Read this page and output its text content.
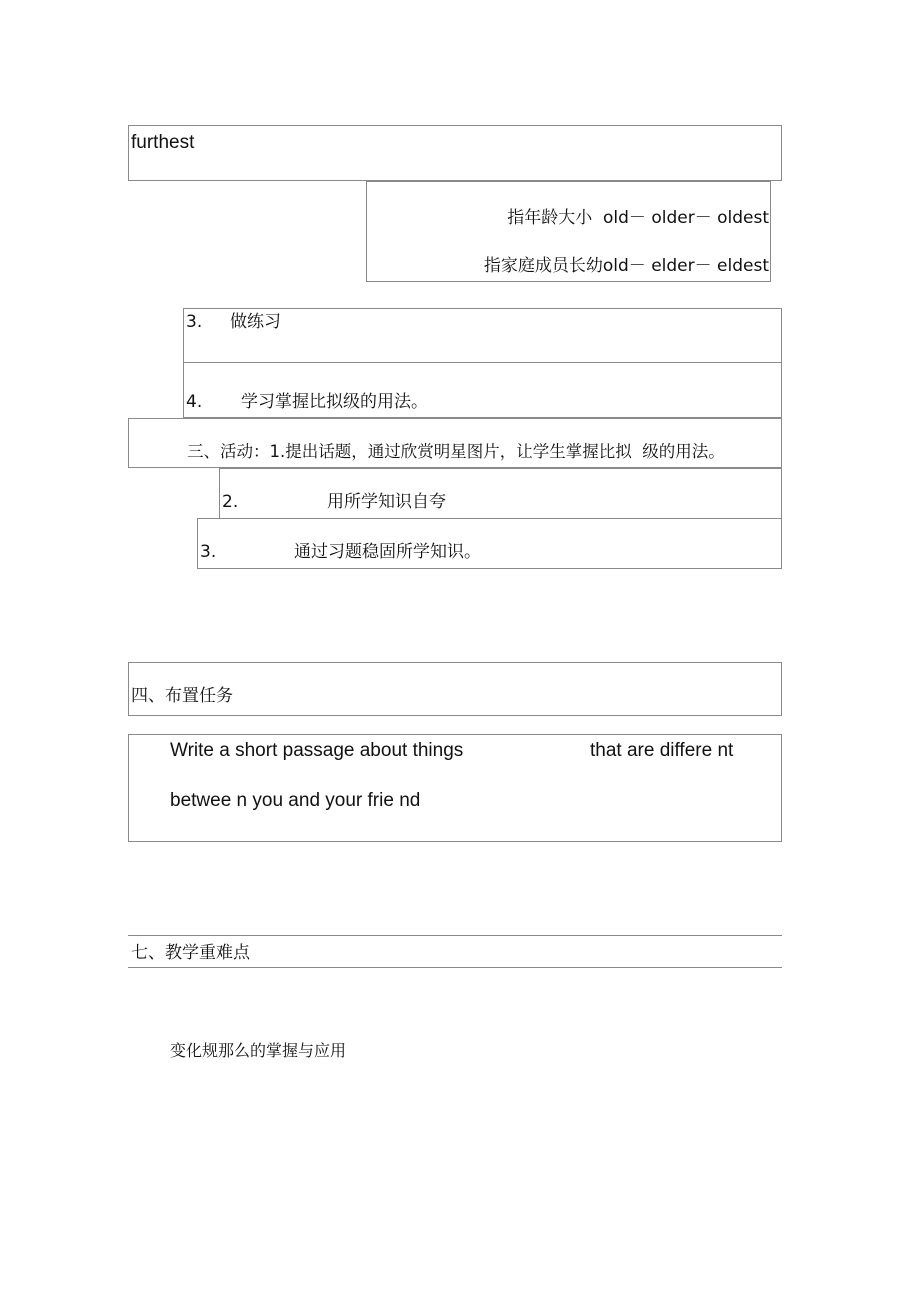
furthest
指年龄大小  old－ older－ oldest
指家庭成员长幼old－ elder－ eldest
3. 做练习
4. 学习掌握比拟级的用法。
三、活动：1.提出话题，通过欣赏明星图片，让学生掌握比拟  级的用法。
2.	用所学知识自夸
3.	通过习题稳固所学知识。
四、布置任务
Write a short passage about things	that are differe nt
betwee n you and your frie nd
七、教学重难点
变化规那么的掌握与应用
